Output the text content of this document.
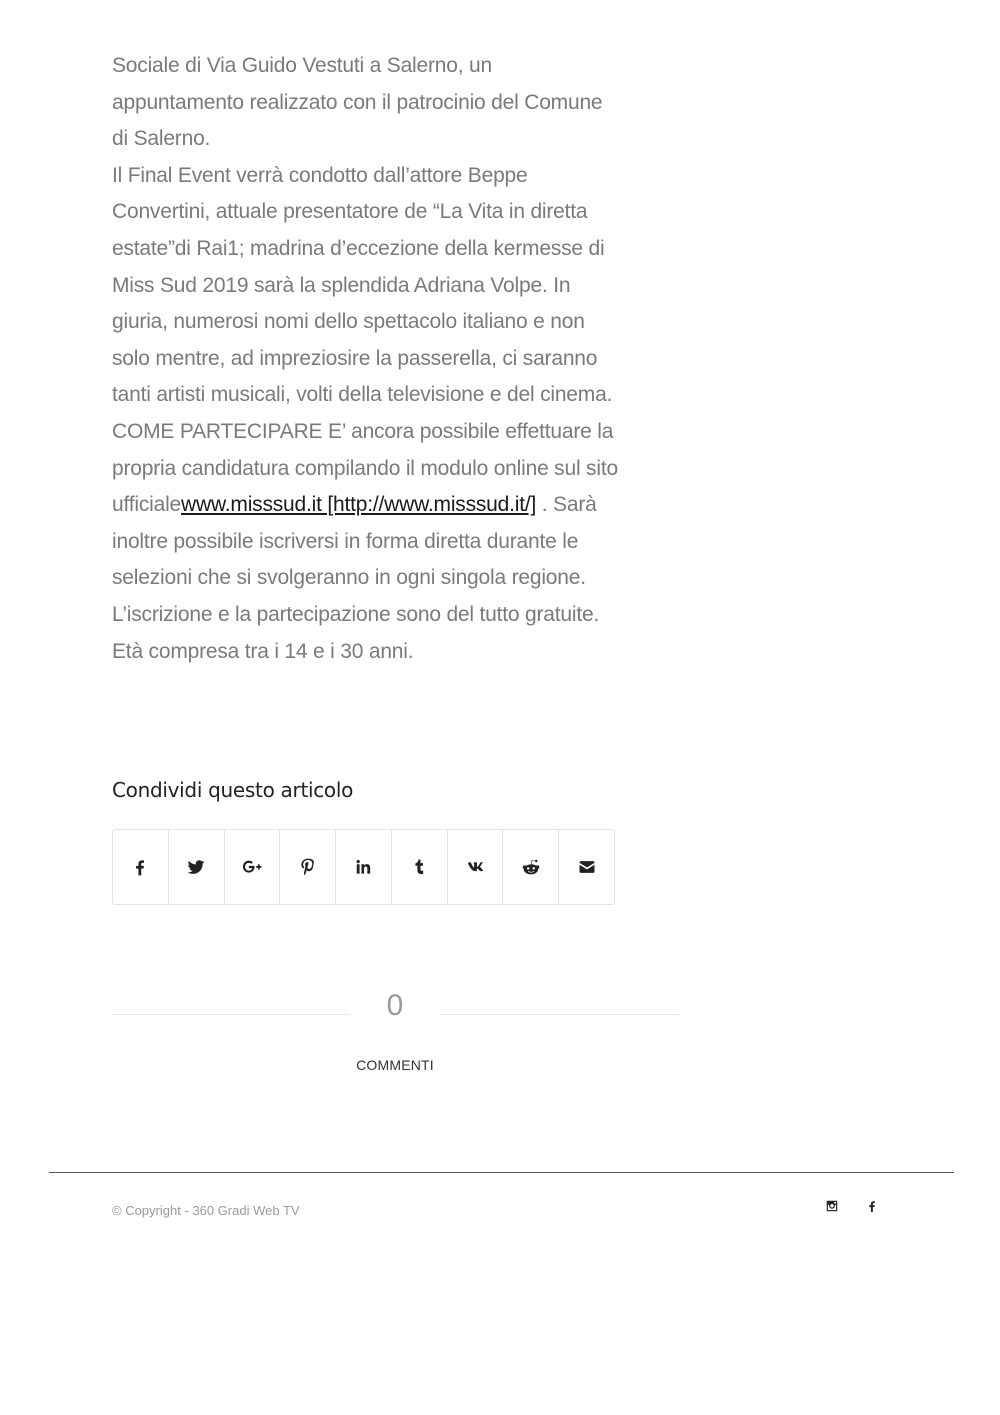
Sociale di Via Guido Vestuti a Salerno, un appuntamento realizzato con il patrocinio del Comune di Salerno.

Il Final Event verrà condotto dall’attore Beppe Convertini, attuale presentatore de “La Vita in diretta estate”di Rai1; madrina d’eccezione della kermesse di Miss Sud 2019 sarà la splendida Adriana Volpe. In giuria, numerosi nomi dello spettacolo italiano e non solo mentre, ad impreziosire la passerella, ci saranno tanti artisti musicali, volti della televisione e del cinema.

COME PARTECIPARE E’ ancora possibile effettuare la propria candidatura compilando il modulo online sul sito ufficialewww.misssud.it [http://www.misssud.it/] . Sarà inoltre possibile iscriversi in forma diretta durante le selezioni che si svolgeranno in ogni singola regione. L’iscrizione e la partecipazione sono del tutto gratuite. Età compresa tra i 14 e i 30 anni.

Condividi questo articolo
0
COMMENTI
© Copyright - 360 Gradi Web TV
